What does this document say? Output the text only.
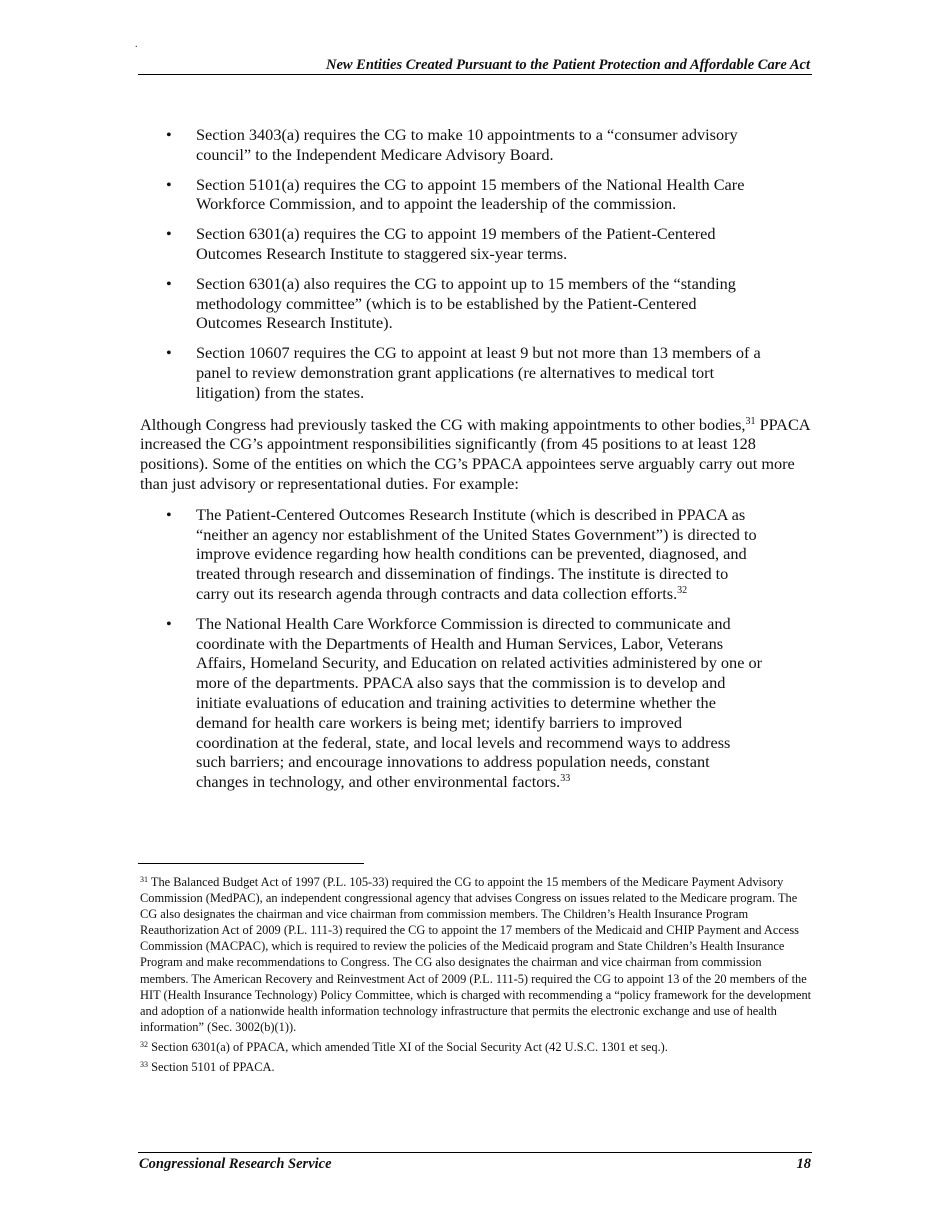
.
New Entities Created Pursuant to the Patient Protection and Affordable Care Act
• Section 3403(a) requires the CG to make 10 appointments to a “consumer advisory council” to the Independent Medicare Advisory Board.
• Section 5101(a) requires the CG to appoint 15 members of the National Health Care Workforce Commission, and to appoint the leadership of the commission.
• Section 6301(a) requires the CG to appoint 19 members of the Patient-Centered Outcomes Research Institute to staggered six-year terms.
• Section 6301(a) also requires the CG to appoint up to 15 members of the “standing methodology committee” (which is to be established by the Patient-Centered Outcomes Research Institute).
• Section 10607 requires the CG to appoint at least 9 but not more than 13 members of a panel to review demonstration grant applications (re alternatives to medical tort litigation) from the states.

Although Congress had previously tasked the CG with making appointments to other bodies,$^{31}$ PPACA increased the CG’s appointment responsibilities significantly (from 45 positions to at least 128 positions). Some of the entities on which the CG’s PPACA appointees serve arguably carry out more than just advisory or representational duties. For example:

• The Patient-Centered Outcomes Research Institute (which is described in PPACA as “neither an agency nor establishment of the United States Government”) is directed to improve evidence regarding how health conditions can be prevented, diagnosed, and treated through research and dissemination of findings. The institute is directed to carry out its research agenda through contracts and data collection efforts.$^{32}$
• The National Health Care Workforce Commission is directed to communicate and coordinate with the Departments of Health and Human Services, Labor, Veterans Affairs, Homeland Security, and Education on related activities administered by one or more of the departments. PPACA also says that the commission is to develop and initiate evaluations of education and training activities to determine whether the demand for health care workers is being met; identify barriers to improved coordination at the federal, state, and local levels and recommend ways to address such barriers; and encourage innovations to address population needs, constant changes in technology, and other environmental factors.$^{33}$

$^{31}$ The Balanced Budget Act of 1997 (P.L. 105-33) required the CG to appoint the 15 members of the Medicare Payment Advisory Commission (MedPAC), an independent congressional agency that advises Congress on issues related to the Medicare program. The CG also designates the chairman and vice chairman from commission members. The Children’s Health Insurance Program Reauthorization Act of 2009 (P.L. 111-3) required the CG to appoint the 17 members of the Medicaid and CHIP Payment and Access Commission (MACPAC), which is required to review the policies of the Medicaid program and State Children’s Health Insurance Program and make recommendations to Congress. The CG also designates the chairman and vice chairman from commission members. The American Recovery and Reinvestment Act of 2009 (P.L. 111-5) required the CG to appoint 13 of the 20 members of the HIT (Health Insurance Technology) Policy Committee, which is charged with recommending a “policy framework for the development and adoption of a nationwide health information technology infrastructure that permits the electronic exchange and use of health information” (Sec. 3002(b)(1)).

$^{32}$ Section 6301(a) of PPACA, which amended Title XI of the Social Security Act (42 U.S.C. 1301 et seq.).

$^{33}$ Section 5101 of PPACA.

Congressional Research Service	18
